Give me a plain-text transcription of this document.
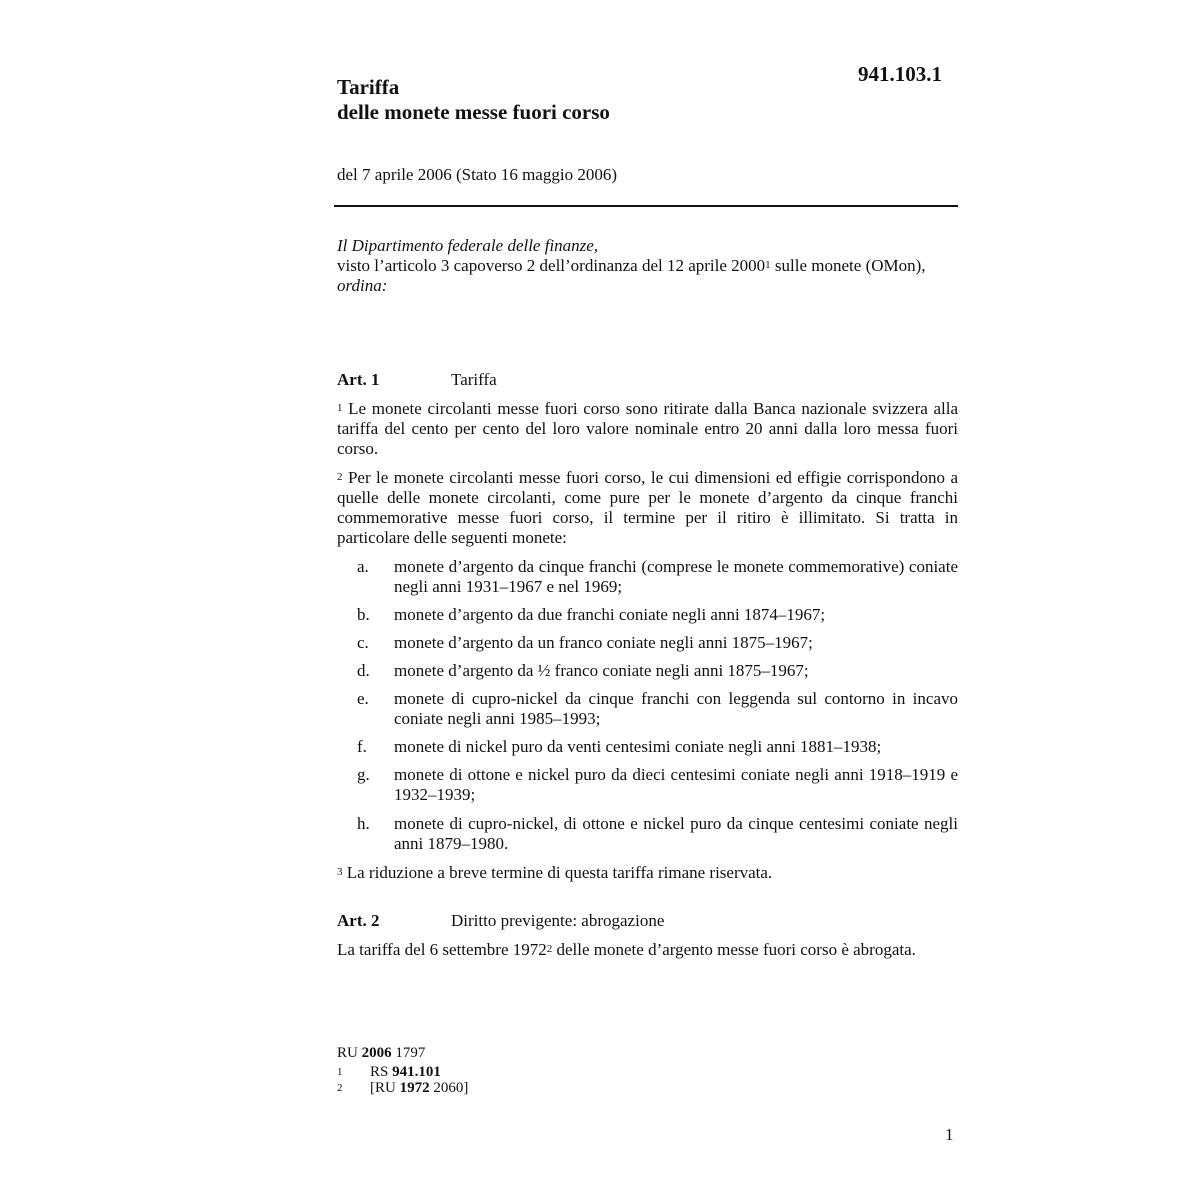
941.103.1
Tariffa
delle monete messe fuori corso
del 7 aprile 2006 (Stato 16 maggio 2006)
Il Dipartimento federale delle finanze,
visto l’articolo 3 capoverso 2 dell’ordinanza del 12 aprile 2000$^1$ sulle monete (OMon),
ordina:
Art. 1	Tariffa
$^1$ Le monete circolanti messe fuori corso sono ritirate dalla Banca nazionale svizzera alla tariffa del cento per cento del loro valore nominale entro 20 anni dalla loro messa fuori corso.
$^2$ Per le monete circolanti messe fuori corso, le cui dimensioni ed effigie corrispondono a quelle delle monete circolanti, come pure per le monete d’argento da cinque franchi commemorative messe fuori corso, il termine per il ritiro è illimitato. Si tratta in particolare delle seguenti monete:
a. monete d’argento da cinque franchi (comprese le monete commemorative) coniate negli anni 1931–1967 e nel 1969;
b. monete d’argento da due franchi coniate negli anni 1874–1967;
c. monete d’argento da un franco coniate negli anni 1875–1967;
d. monete d’argento da ½ franco coniate negli anni 1875–1967;
e. monete di cupro-nickel da cinque franchi con leggenda sul contorno in incavo coniate negli anni 1985–1993;
f. monete di nickel puro da venti centesimi coniate negli anni 1881–1938;
g. monete di ottone e nickel puro da dieci centesimi coniate negli anni 1918–1919 e 1932–1939;
h. monete di cupro-nickel, di ottone e nickel puro da cinque centesimi coniate negli anni 1879–1980.
$^3$ La riduzione a breve termine di questa tariffa rimane riservata.
Art. 2	Diritto previgente: abrogazione
La tariffa del 6 settembre 1972$^2$ delle monete d’argento messe fuori corso è abrogata.
RU 2006 1797
1 RS 941.101
2 [RU 1972 2060]
1
